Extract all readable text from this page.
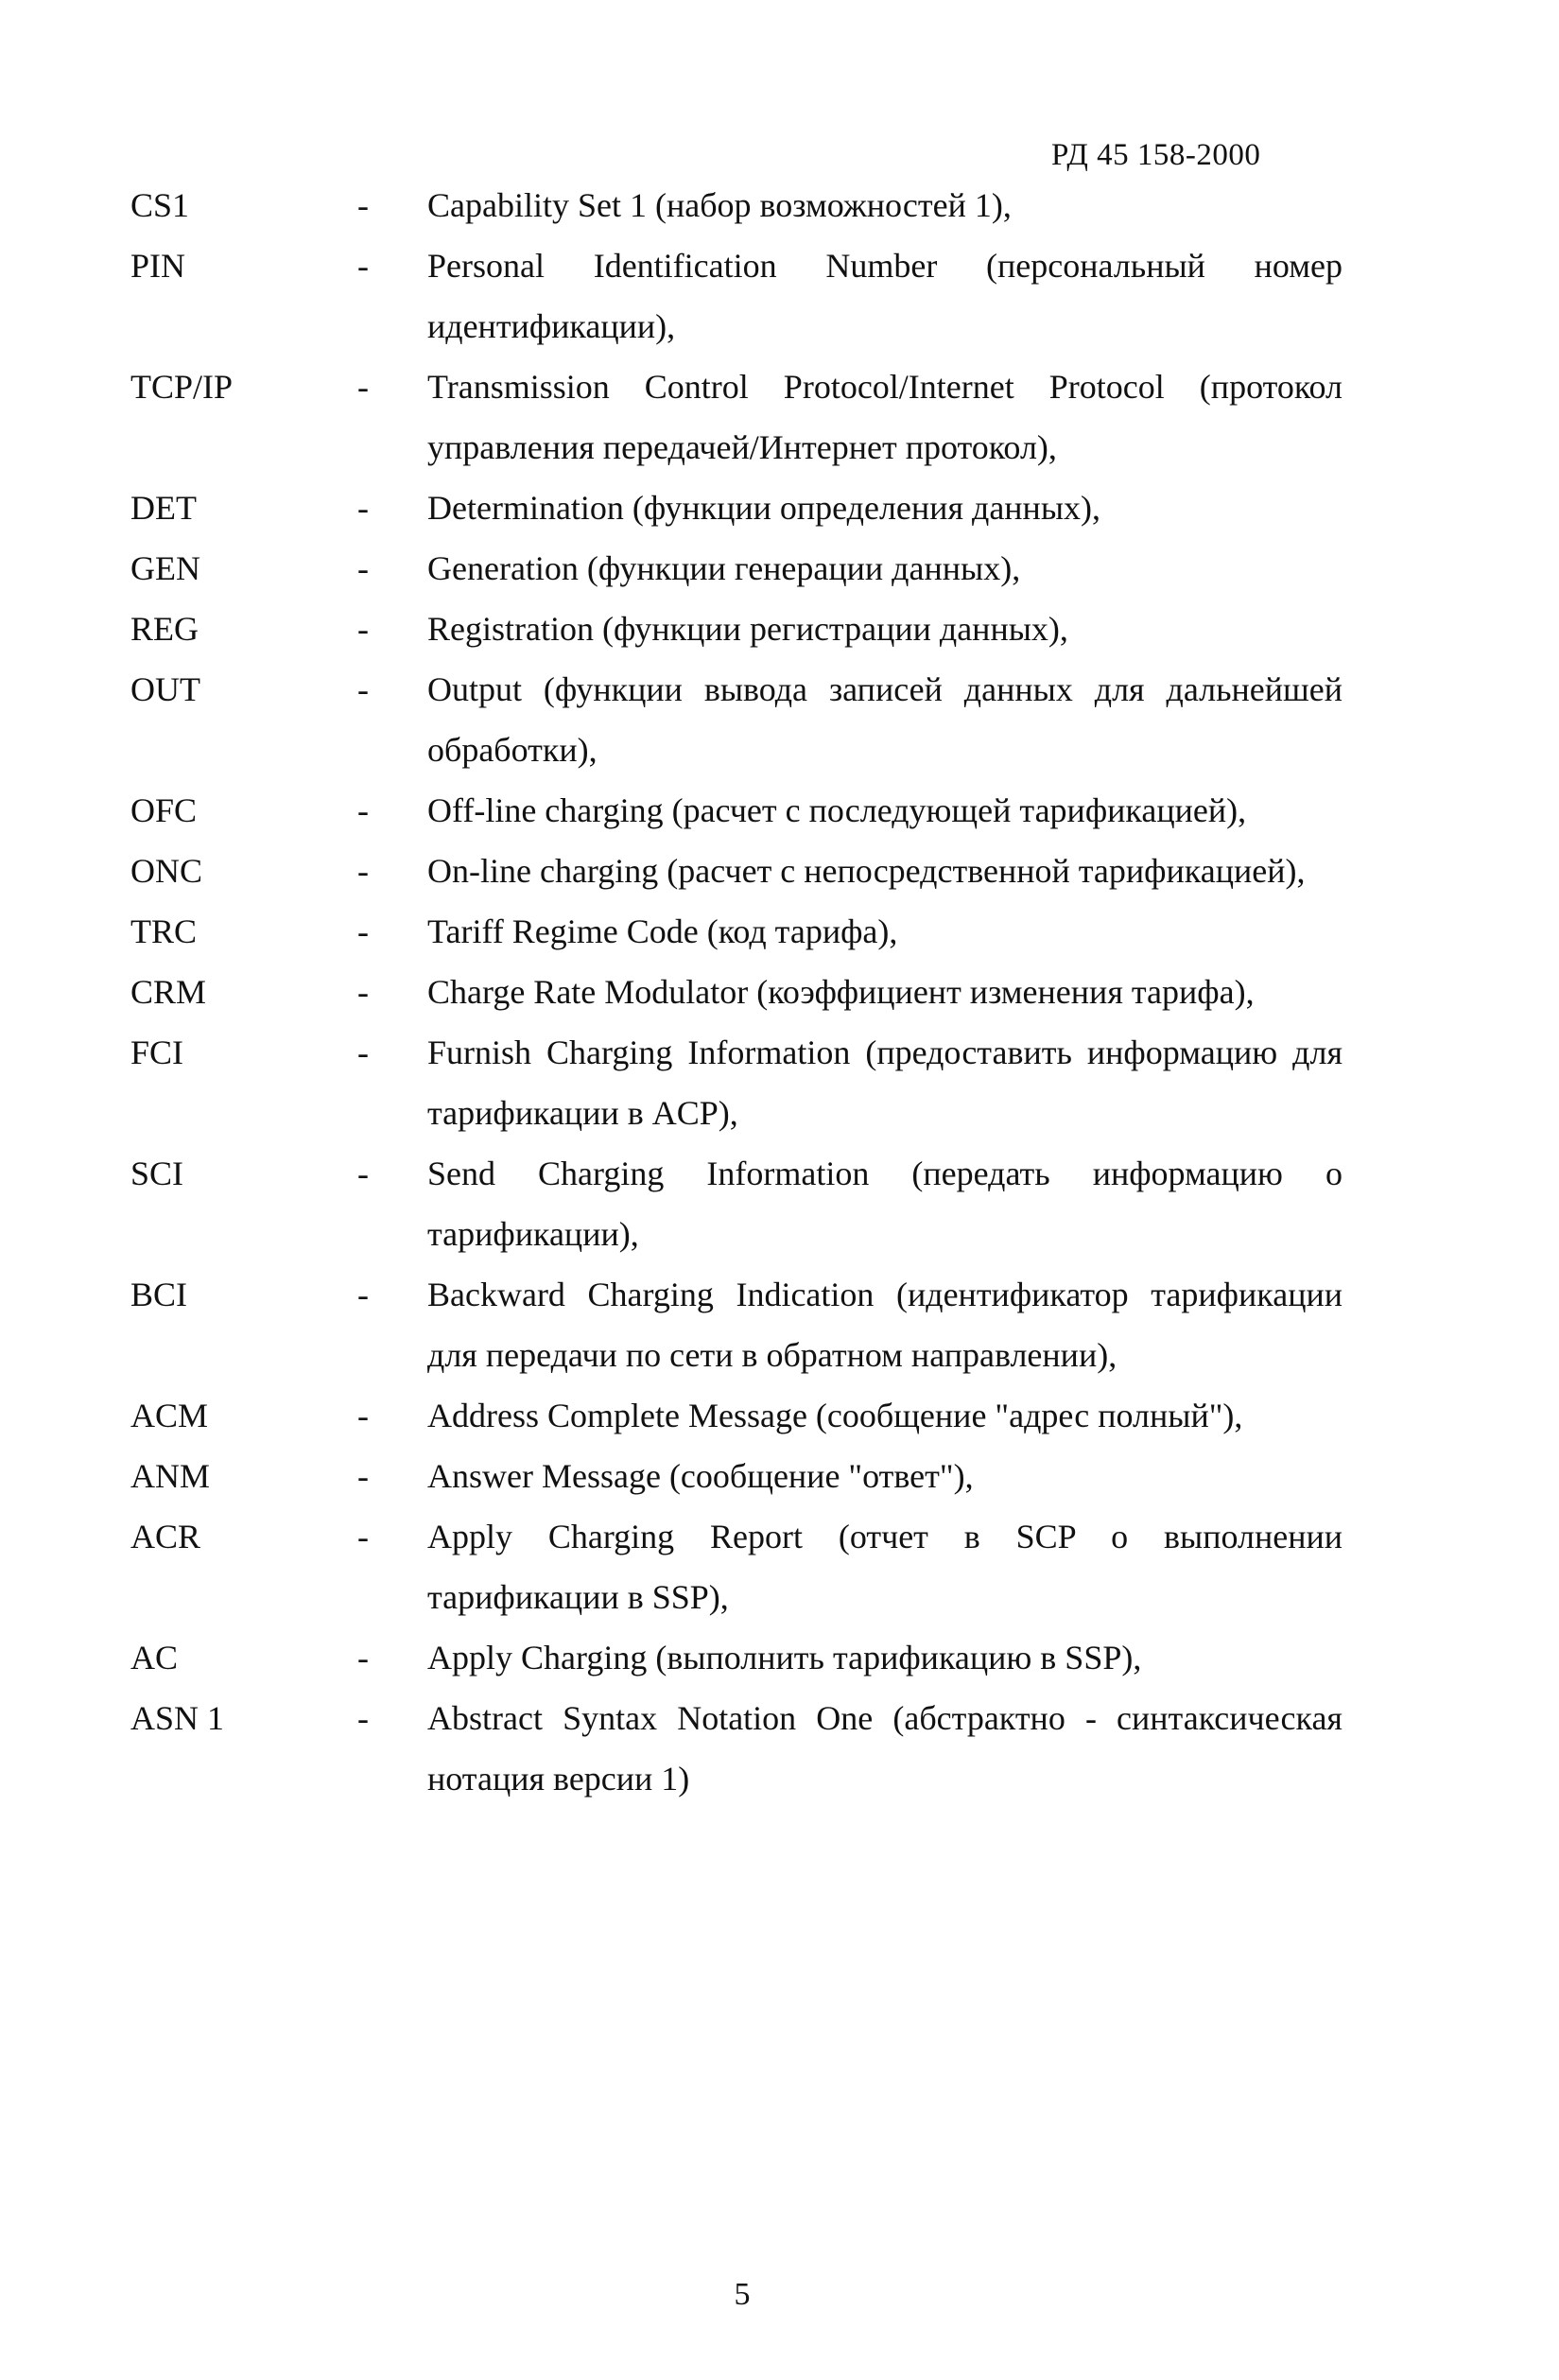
РД 45 158-2000
CS1	- Capability Set 1 (набор возможностей 1),
PIN	- Personal Identification Number (персональный номер идентификации),
TCP/IP	- Transmission Control Protocol/Internet Protocol (протокол управления передачей/Интернет протокол),
DET	- Determination (функции определения данных),
GEN	- Generation (функции генерации данных),
REG	- Registration (функции регистрации данных),
OUT	- Output (функции вывода записей данных для дальнейшей обработки),
OFC	- Off-line charging (расчет с последующей тарификацией),
ONC	- On-line charging (расчет с непосредственной тарификацией),
TRC	- Tariff Regime Code (код тарифа),
CRM	- Charge Rate Modulator (коэффициент изменения тарифа),
FCI	- Furnish Charging Information (предоставить информацию для тарификации в ACP),
SCI	- Send Charging Information (передать информацию о тарификации),
BCI	- Backward Charging Indication (идентификатор тарификации для передачи по сети в обратном направлении),
ACM	- Address Complete Message (сообщение "адрес полный"),
ANM	- Answer Message (сообщение "ответ"),
ACR	- Apply Charging Report (отчет в SCP о выполнении тарификации в SSP),
AC	- Apply Charging (выполнить тарификацию в SSP),
ASN 1	- Abstract Syntax Notation One (абстрактно - синтаксическая нотация версии 1)
5
